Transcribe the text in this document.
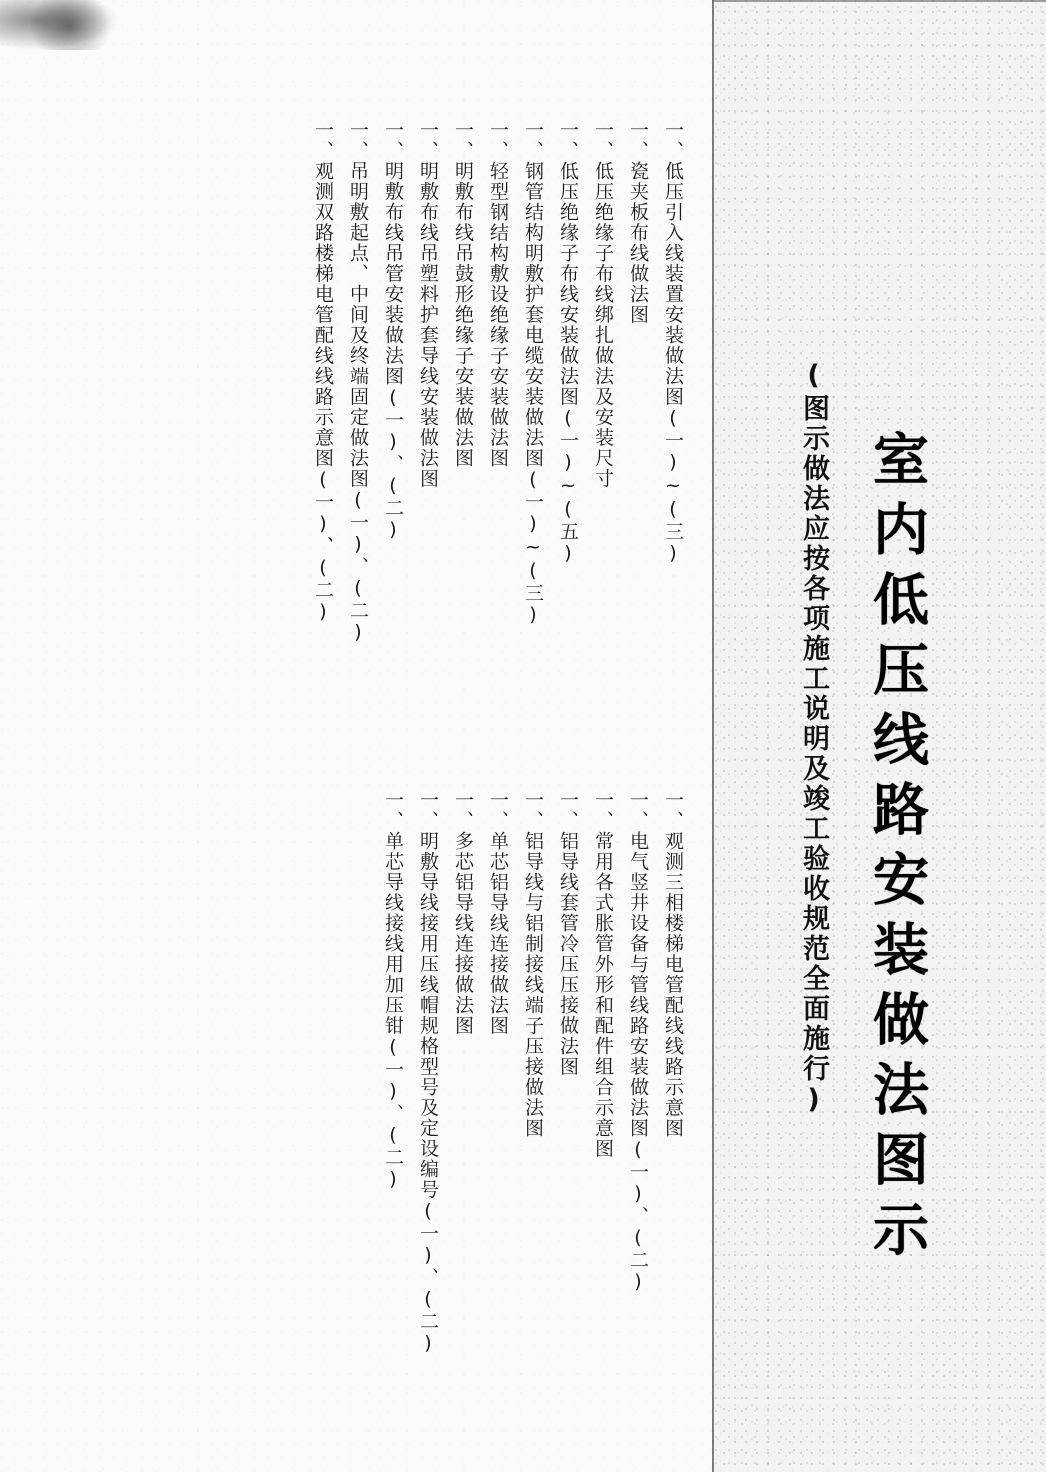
室内低压线路安装做法图示
(图示做法应按各项施工说明及竣工验收规范全面施行)
一、观测三相楼梯电管配线线路示意图
一、电气竖井设备与管线路安装做法图(一)、(二)
一、常用各式胀管外形和配件组合示意图
一、铝导线套管冷压压接做法图
一、铝导线与铝制接线端子压接做法图
一、单芯铝导线连接做法图
一、多芯铝导线连接做法图
一、明敷导线接用压线帽规格型号及定设编号(一)、(二)
一、单芯导线接线用加压钳(一)、(二)
一、低压引入线装置安装做法图(一)~(三)
一、瓷夹板布线做法图
一、低压绝缘子布线绑扎做法及安装尺寸
一、低压绝缘子布线安装做法图(一)~(五)
一、钢管结构明敷护套电缆安装做法图(一)~(三)
一、轻型钢结构敷设绝缘子安装做法图
一、明敷布线吊鼓形绝缘子安装做法图
一、明敷布线吊塑料护套导线安装做法图
一、明敷布线吊管安装做法图(一)、(二)
一、吊明敷起点、中间及终端固定做法图(一)、(二)
一、观测双路楼梯电管配线线路示意图(一)、(二)
